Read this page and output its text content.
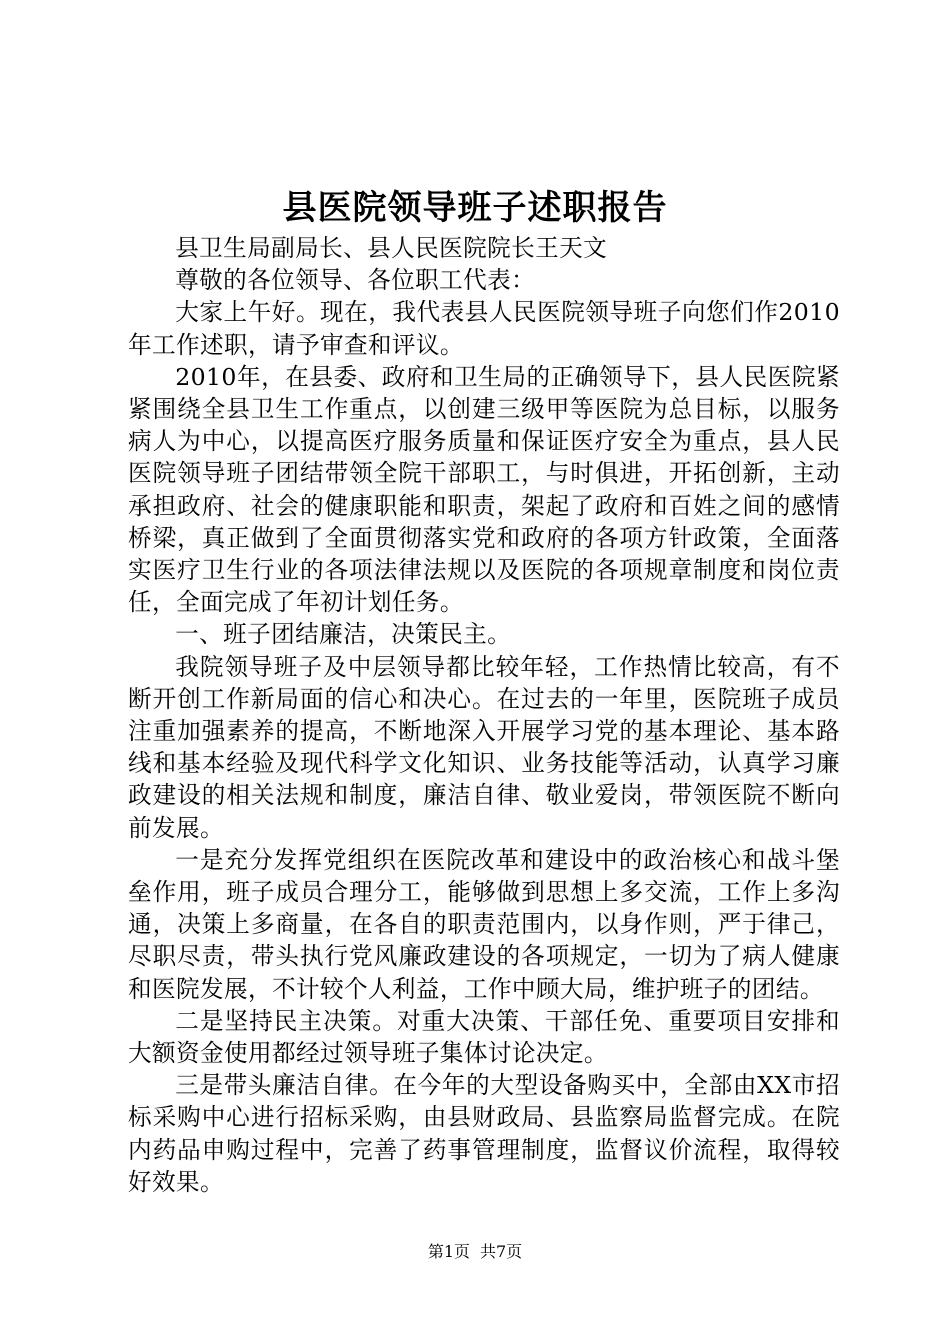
县医院领导班子述职报告

县卫生局副局长、县人民医院院长王天文

尊敬的各位领导、各位职工代表：

大家上午好。现在，我代表县人民医院领导班子向您们作2010年工作述职，请予审查和评议。

2010年，在县委、政府和卫生局的正确领导下，县人民医院紧紧围绕全县卫生工作重点，以创建三级甲等医院为总目标，以服务病人为中心，以提高医疗服务质量和保证医疗安全为重点，县人民医院领导班子团结带领全院干部职工，与时俱进，开拓创新，主动承担政府、社会的健康职能和职责，架起了政府和百姓之间的感情桥梁，真正做到了全面贯彻落实党和政府的各项方针政策，全面落实医疗卫生行业的各项法律法规以及医院的各项规章制度和岗位责任，全面完成了年初计划任务。

一、班子团结廉洁，决策民主。

我院领导班子及中层领导都比较年轻，工作热情比较高，有不断开创工作新局面的信心和决心。在过去的一年里，医院班子成员注重加强素养的提高，不断地深入开展学习党的基本理论、基本路线和基本经验及现代科学文化知识、业务技能等活动，认真学习廉政建设的相关法规和制度，廉洁自律、敬业爱岗，带领医院不断向前发展。

一是充分发挥党组织在医院改革和建设中的政治核心和战斗堡垒作用，班子成员合理分工，能够做到思想上多交流，工作上多沟通，决策上多商量，在各自的职责范围内，以身作则，严于律己，尽职尽责，带头执行党风廉政建设的各项规定，一切为了病人健康和医院发展，不计较个人利益，工作中顾大局，维护班子的团结。

二是坚持民主决策。对重大决策、干部任免、重要项目安排和大额资金使用都经过领导班子集体讨论决定。

三是带头廉洁自律。在今年的大型设备购买中，全部由XX市招标采购中心进行招标采购，由县财政局、县监察局监督完成。在院内药品申购过程中，完善了药事管理制度，监督议价流程，取得较好效果。

第1页 共7页
